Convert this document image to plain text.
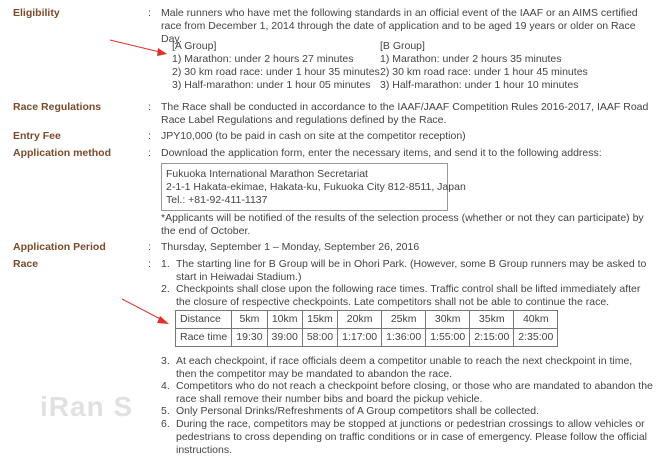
Eligibility	: Male runners who have met the following standards in an official event of the IAAF or an AIMS certified race from December 1, 2014 through the date of application and to be aged 19 years or older on Race Day.
[A Group]
1) Marathon: under 2 hours 27 minutes
2) 30 km road race: under 1 hour 35 minutes
3) Half-marathon: under 1 hour 05 minutes
[B Group]
1) Marathon: under 2 hours 35 minutes
2) 30 km road race: under 1 hour 45 minutes
3) Half-marathon: under 1 hour 10 minutes
Race Regulations	: The Race shall be conducted in accordance to the IAAF/JAAF Competition Rules 2016-2017, IAAF Road Race Label Regulations and regulations defined by the Race.
Entry Fee	: JPY10,000 (to be paid in cash on site at the competitor reception)
Application method	: Download the application form, enter the necessary items, and send it to the following address:
Fukuoka International Marathon Secretariat
2-1-1 Hakata-ekimae, Hakata-ku, Fukuoka City 812-8511, Japan
Tel.: +81-92-411-1137
*Applicants will be notified of the results of the selection process (whether or not they can participate) by the end of October.
Application Period	: Thursday, September 1 – Monday, September 26, 2016
Race	: 1. The starting line for B Group will be in Ohori Park. (However, some B Group runners may be asked to start in Heiwadai Stadium.)
2. Checkpoints shall close upon the following race times. Traffic control shall be lifted immediately after the closure of respective checkpoints. Late competitors shall not be able to continue the race.
Distance	5km	10km	15km	20km	25km	30km	35km	40km
Race time	19:30	39:00	58:00	1:17:00	1:36:00	1:55:00	2:15:00	2:35:00
3. At each checkpoint, if race officials deem a competitor unable to reach the next checkpoint in time, then the competitor may be mandated to abandon the race.
4. Competitors who do not reach a checkpoint before closing, or those who are mandated to abandon the race shall remove their number bibs and board the pickup vehicle.
5. Only Personal Drinks/Refreshments of A Group competitors shall be collected.
6. During the race, competitors may be stopped at junctions or pedestrian crossings to allow vehicles or pedestrians to cross depending on traffic conditions or in case of emergency. Please follow the official instructions.
iRan S
